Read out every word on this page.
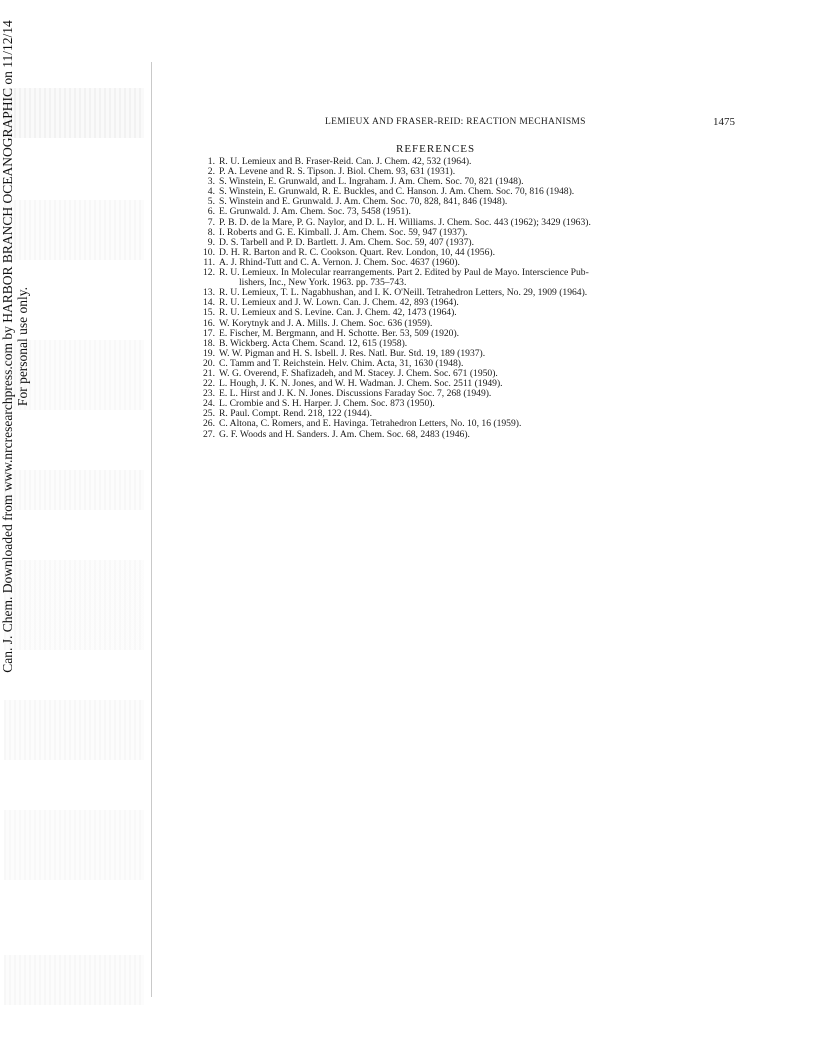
Can. J. Chem. Downloaded from www.nrcresearchpress.com by HARBOR BRANCH OCEANOGRAPHIC on 11/12/14 For personal use only.
LEMIEUX AND FRASER-REID: REACTION MECHANISMS	1475
REFERENCES
1. R. U. Lemieux and B. Fraser-Reid. Can. J. Chem. 42, 532 (1964).
2. P. A. Levene and R. S. Tipson. J. Biol. Chem. 93, 631 (1931).
3. S. Winstein, E. Grunwald, and L. Ingraham. J. Am. Chem. Soc. 70, 821 (1948).
4. S. Winstein, E. Grunwald, R. E. Buckles, and C. Hanson. J. Am. Chem. Soc. 70, 816 (1948).
5. S. Winstein and E. Grunwald. J. Am. Chem. Soc. 70, 828, 841, 846 (1948).
6. E. Grunwald. J. Am. Chem. Soc. 73, 5458 (1951).
7. P. B. D. de la Mare, P. G. Naylor, and D. L. H. Williams. J. Chem. Soc. 443 (1962); 3429 (1963).
8. I. Roberts and G. E. Kimball. J. Am. Chem. Soc. 59, 947 (1937).
9. D. S. Tarbell and P. D. Bartlett. J. Am. Chem. Soc. 59, 407 (1937).
10. D. H. R. Barton and R. C. Cookson. Quart. Rev. London, 10, 44 (1956).
11. A. J. Rhind-Tutt and C. A. Vernon. J. Chem. Soc. 4637 (1960).
12. R. U. Lemieux. In Molecular rearrangements. Part 2. Edited by Paul de Mayo. Interscience Pub-
lishers, Inc., New York. 1963. pp. 735–743.
13. R. U. Lemieux, T. L. Nagabhushan, and I. K. O'Neill. Tetrahedron Letters, No. 29, 1909 (1964).
14. R. U. Lemieux and J. W. Lown. Can. J. Chem. 42, 893 (1964).
15. R. U. Lemieux and S. Levine. Can. J. Chem. 42, 1473 (1964).
16. W. Korytnyk and J. A. Mills. J. Chem. Soc. 636 (1959).
17. E. Fischer, M. Bergmann, and H. Schotte. Ber. 53, 509 (1920).
18. B. Wickberg. Acta Chem. Scand. 12, 615 (1958).
19. W. W. Pigman and H. S. Isbell. J. Res. Natl. Bur. Std. 19, 189 (1937).
20. C. Tamm and T. Reichstein. Helv. Chim. Acta, 31, 1630 (1948).
21. W. G. Overend, F. Shafizadeh, and M. Stacey. J. Chem. Soc. 671 (1950).
22. L. Hough, J. K. N. Jones, and W. H. Wadman. J. Chem. Soc. 2511 (1949).
23. E. L. Hirst and J. K. N. Jones. Discussions Faraday Soc. 7, 268 (1949).
24. L. Crombie and S. H. Harper. J. Chem. Soc. 873 (1950).
25. R. Paul. Compt. Rend. 218, 122 (1944).
26. C. Altona, C. Romers, and E. Havinga. Tetrahedron Letters, No. 10, 16 (1959).
27. G. F. Woods and H. Sanders. J. Am. Chem. Soc. 68, 2483 (1946).
